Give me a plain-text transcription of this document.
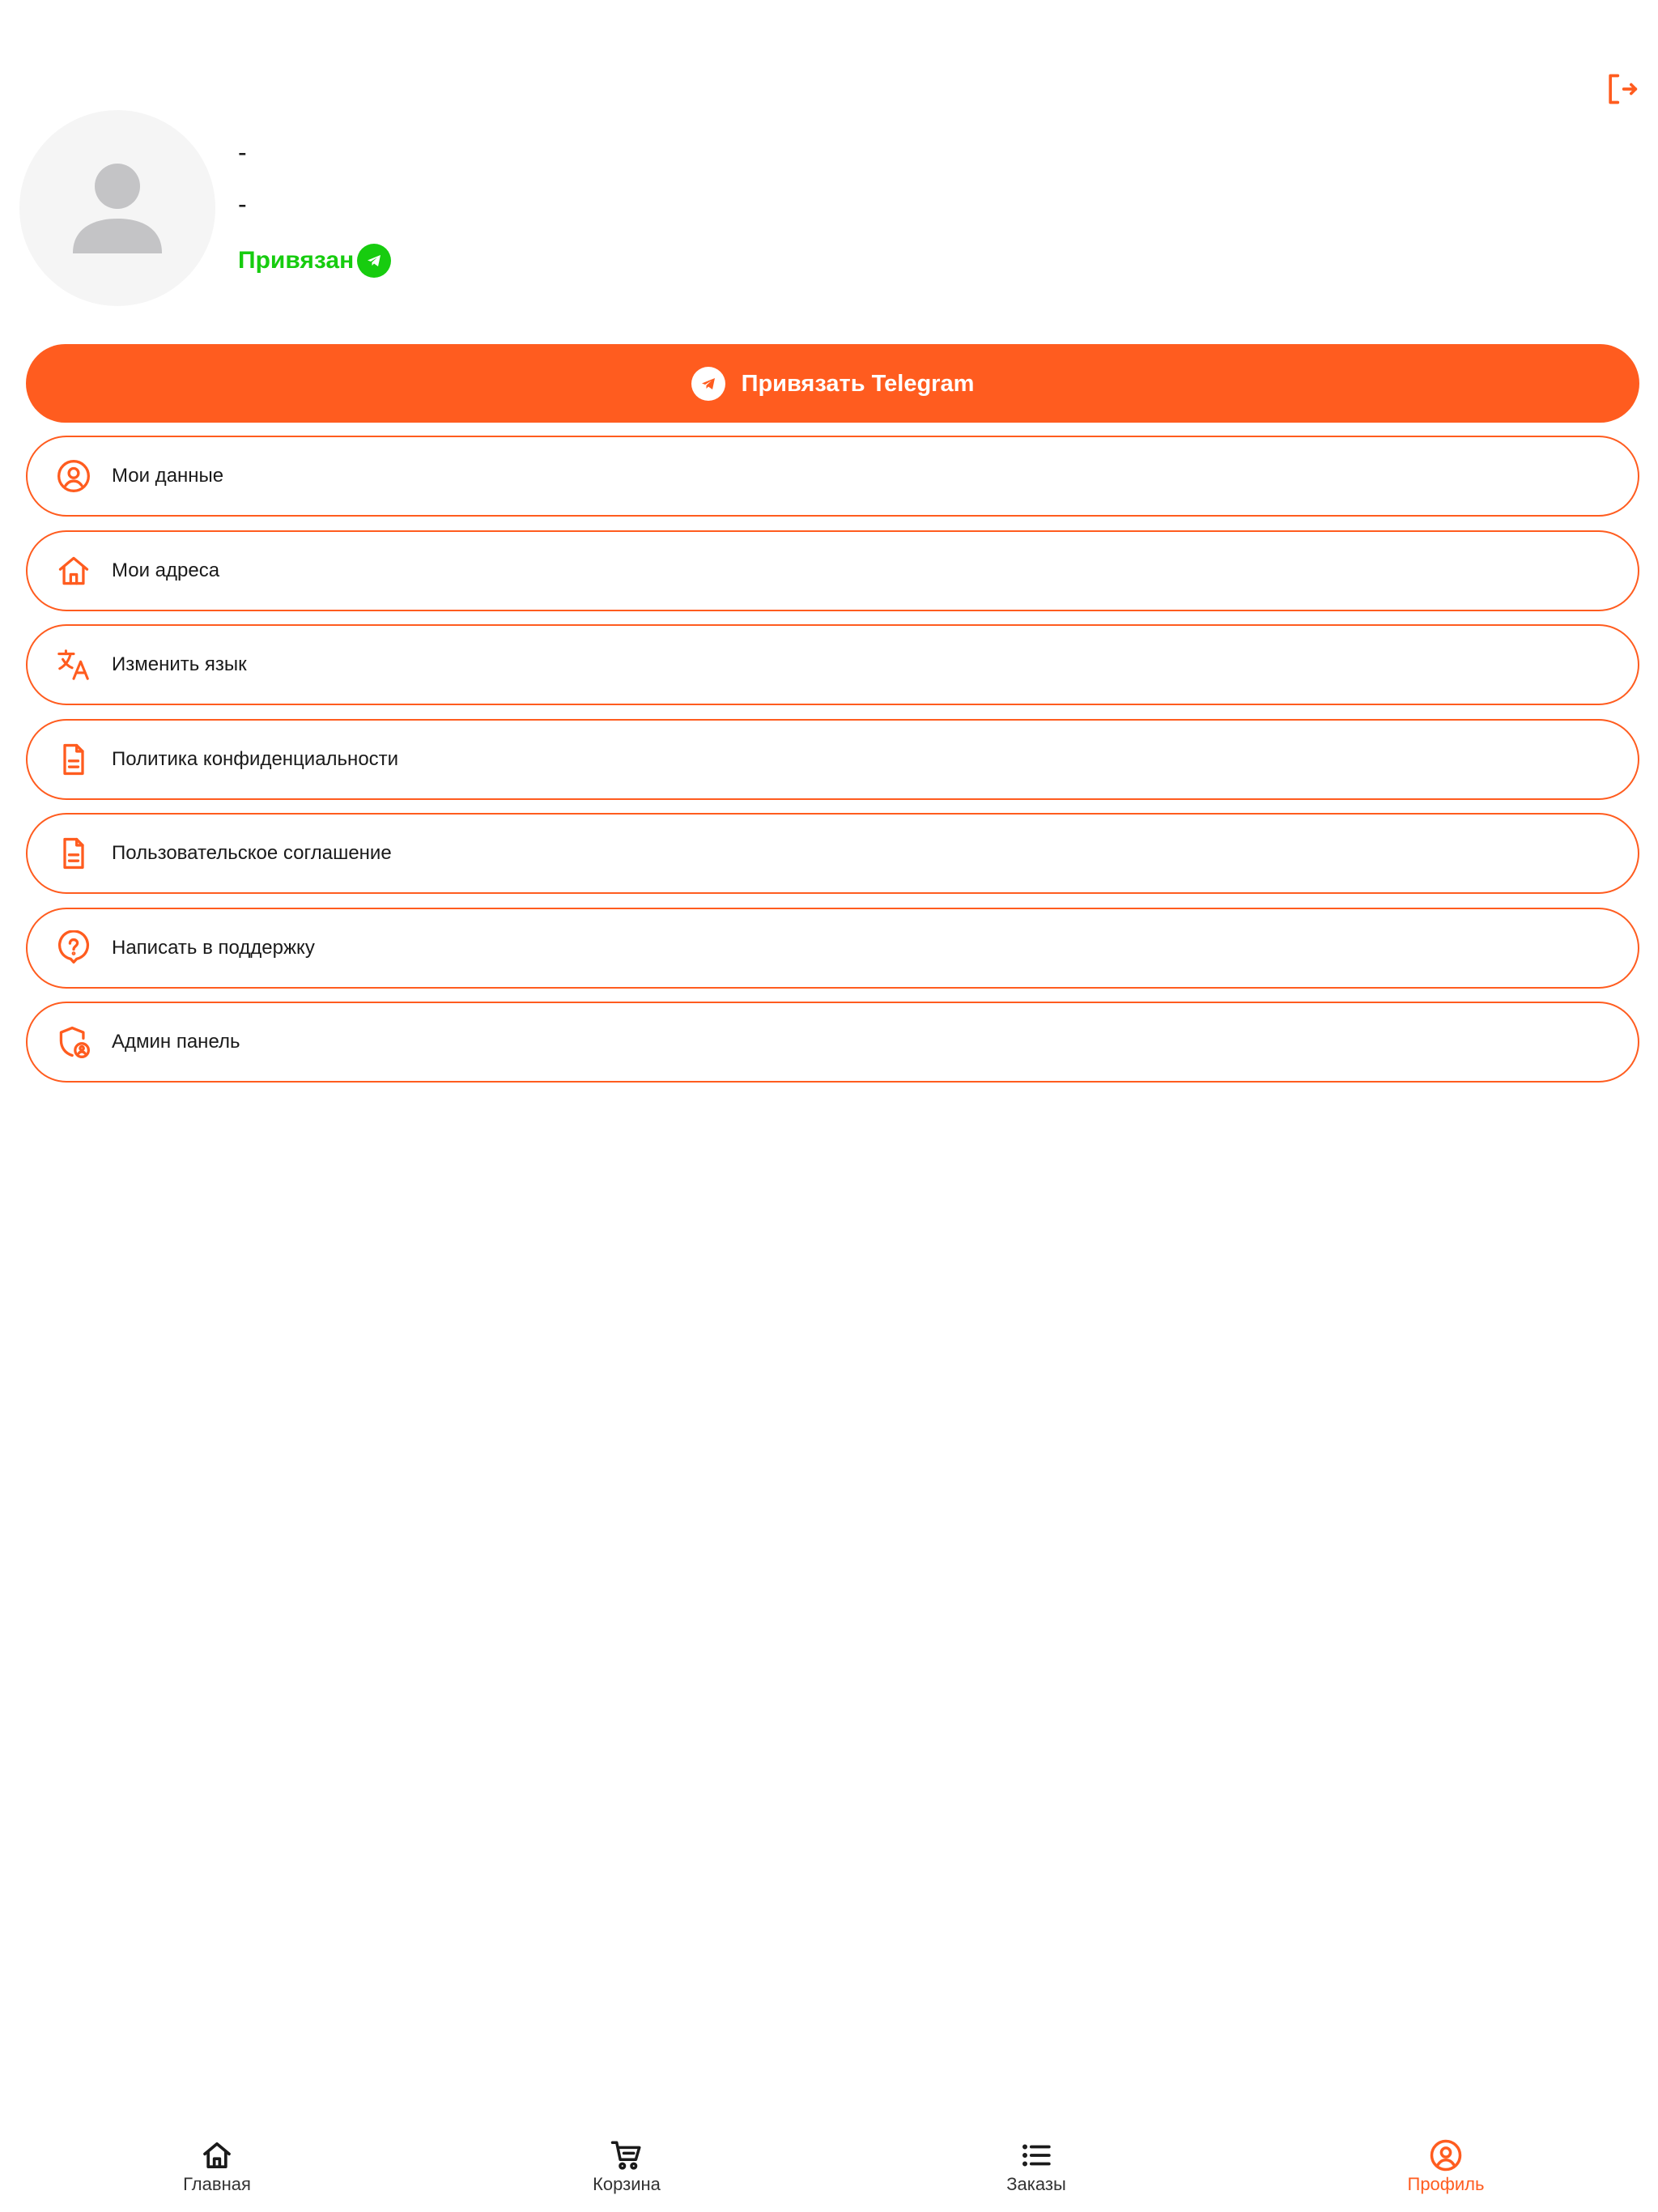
-
-
Привязан
Привязать Telegram
Мои данные
Мои адреса
Изменить язык
Политика конфиденциальности
Пользовательское соглашение
Написать в поддержку
Админ панель
Главная	Корзина	Заказы	Профиль
